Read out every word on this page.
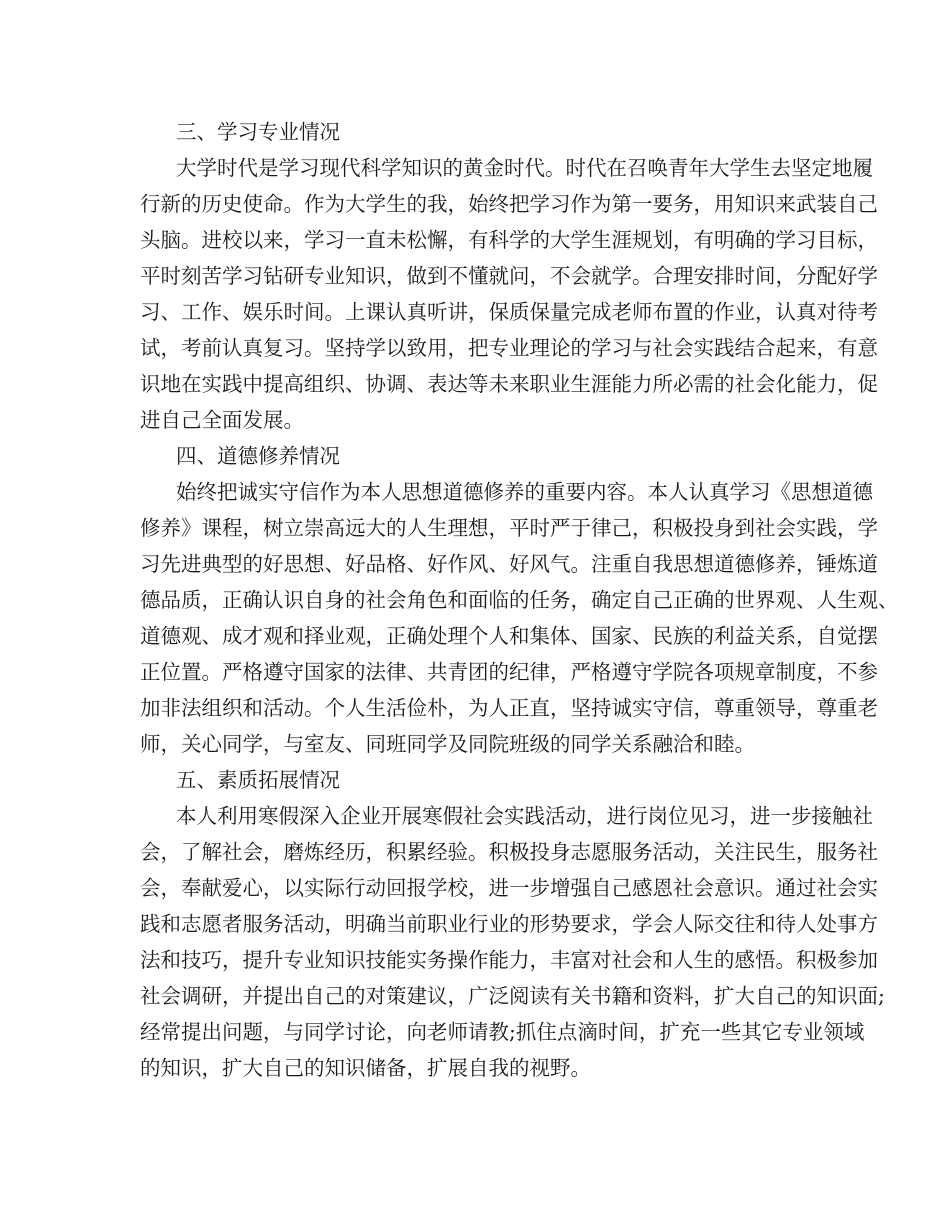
三、学习专业情况
大学时代是学习现代科学知识的黄金时代。时代在召唤青年大学生去坚定地履
行新的历史使命。作为大学生的我，始终把学习作为第一要务，用知识来武装自己
头脑。进校以来，学习一直未松懈，有科学的大学生涯规划，有明确的学习目标，
平时刻苦学习钻研专业知识，做到不懂就问，不会就学。合理安排时间，分配好学
习、工作、娱乐时间。上课认真听讲，保质保量完成老师布置的作业，认真对待考
试，考前认真复习。坚持学以致用，把专业理论的学习与社会实践结合起来，有意
识地在实践中提高组织、协调、表达等未来职业生涯能力所必需的社会化能力，促
进自己全面发展。
四、道德修养情况
始终把诚实守信作为本人思想道德修养的重要内容。本人认真学习《思想道德
修养》课程，树立崇高远大的人生理想，平时严于律己，积极投身到社会实践，学
习先进典型的好思想、好品格、好作风、好风气。注重自我思想道德修养，锤炼道
德品质，正确认识自身的社会角色和面临的任务，确定自己正确的世界观、人生观、
道德观、成才观和择业观，正确处理个人和集体、国家、民族的利益关系，自觉摆
正位置。严格遵守国家的法律、共青团的纪律，严格遵守学院各项规章制度，不参
加非法组织和活动。个人生活俭朴，为人正直，坚持诚实守信，尊重领导，尊重老
师，关心同学，与室友、同班同学及同院班级的同学关系融洽和睦。
五、素质拓展情况
本人利用寒假深入企业开展寒假社会实践活动，进行岗位见习，进一步接触社
会，了解社会，磨炼经历，积累经验。积极投身志愿服务活动，关注民生，服务社
会，奉献爱心，以实际行动回报学校，进一步增强自己感恩社会意识。通过社会实
践和志愿者服务活动，明确当前职业行业的形势要求，学会人际交往和待人处事方
法和技巧，提升专业知识技能实务操作能力，丰富对社会和人生的感悟。积极参加
社会调研，并提出自己的对策建议，广泛阅读有关书籍和资料，扩大自己的知识面;
经常提出问题，与同学讨论，向老师请教;抓住点滴时间，扩充一些其它专业领域
的知识，扩大自己的知识储备，扩展自我的视野。
